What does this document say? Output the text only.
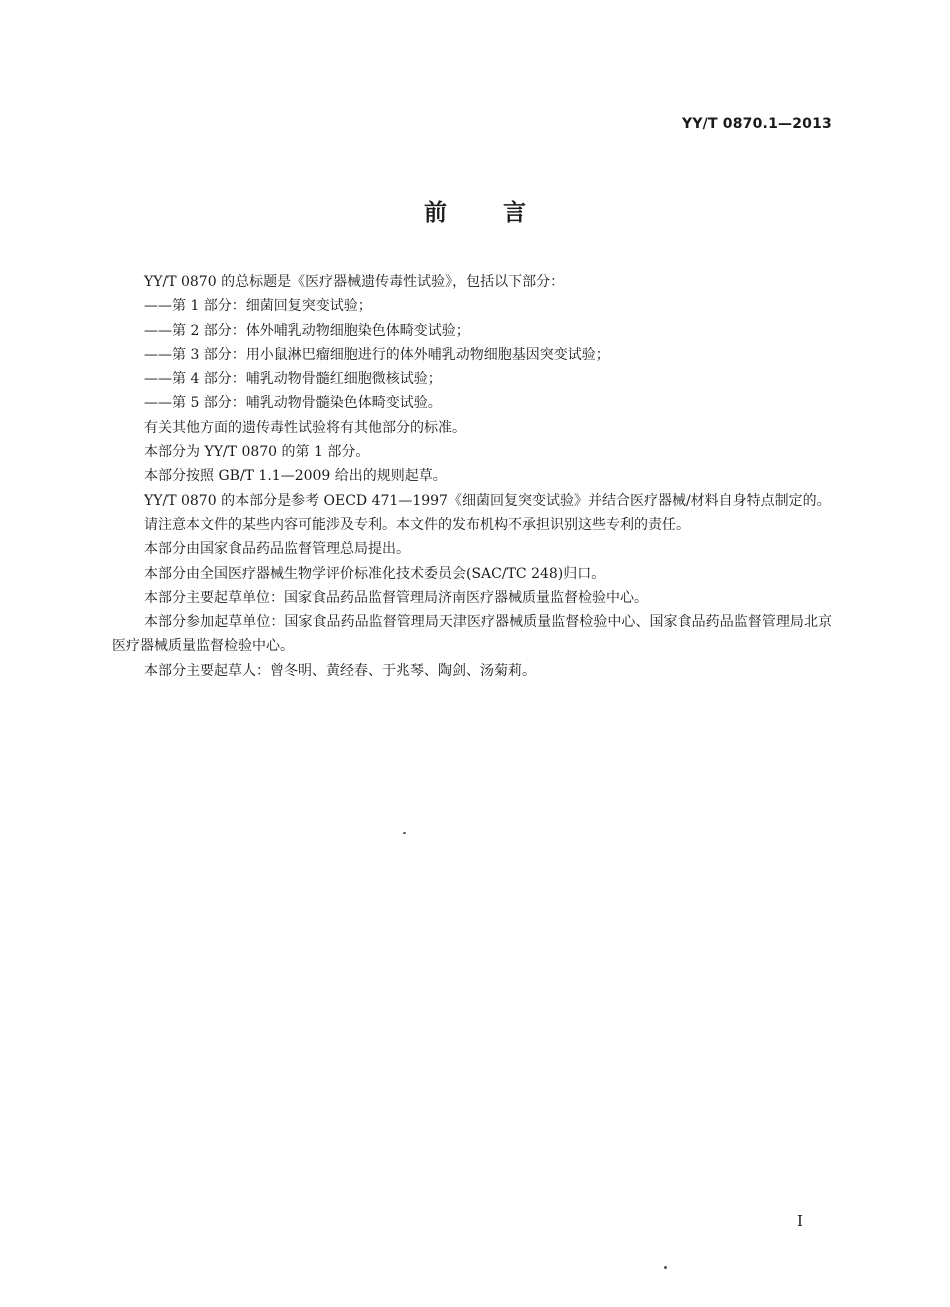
YY/T 0870.1—2013
前言

YY/T 0870 的总标题是《医疗器械遗传毒性试验》，包括以下部分：

——第 1 部分：细菌回复突变试验；

——第 2 部分：体外哺乳动物细胞染色体畸变试验；

——第 3 部分：用小鼠淋巴瘤细胞进行的体外哺乳动物细胞基因突变试验；

——第 4 部分：哺乳动物骨髓红细胞微核试验；

——第 5 部分：哺乳动物骨髓染色体畸变试验。

有关其他方面的遗传毒性试验将有其他部分的标准。

本部分为 YY/T 0870 的第 1 部分。

本部分按照 GB/T 1.1—2009 给出的规则起草。

YY/T 0870 的本部分是参考 OECD 471—1997《细菌回复突变试验》并结合医疗器械/材料自身特点制定的。

请注意本文件的某些内容可能涉及专利。本文件的发布机构不承担识别这些专利的责任。

本部分由国家食品药品监督管理总局提出。

本部分由全国医疗器械生物学评价标准化技术委员会(SAC/TC 248)归口。

本部分主要起草单位：国家食品药品监督管理局济南医疗器械质量监督检验中心。

本部分参加起草单位：国家食品药品监督管理局天津医疗器械质量监督检验中心、国家食品药品监督管理局北京医疗器械质量监督检验中心。

本部分主要起草人：曾冬明、黄经春、于兆琴、陶剑、汤菊莉。

I
